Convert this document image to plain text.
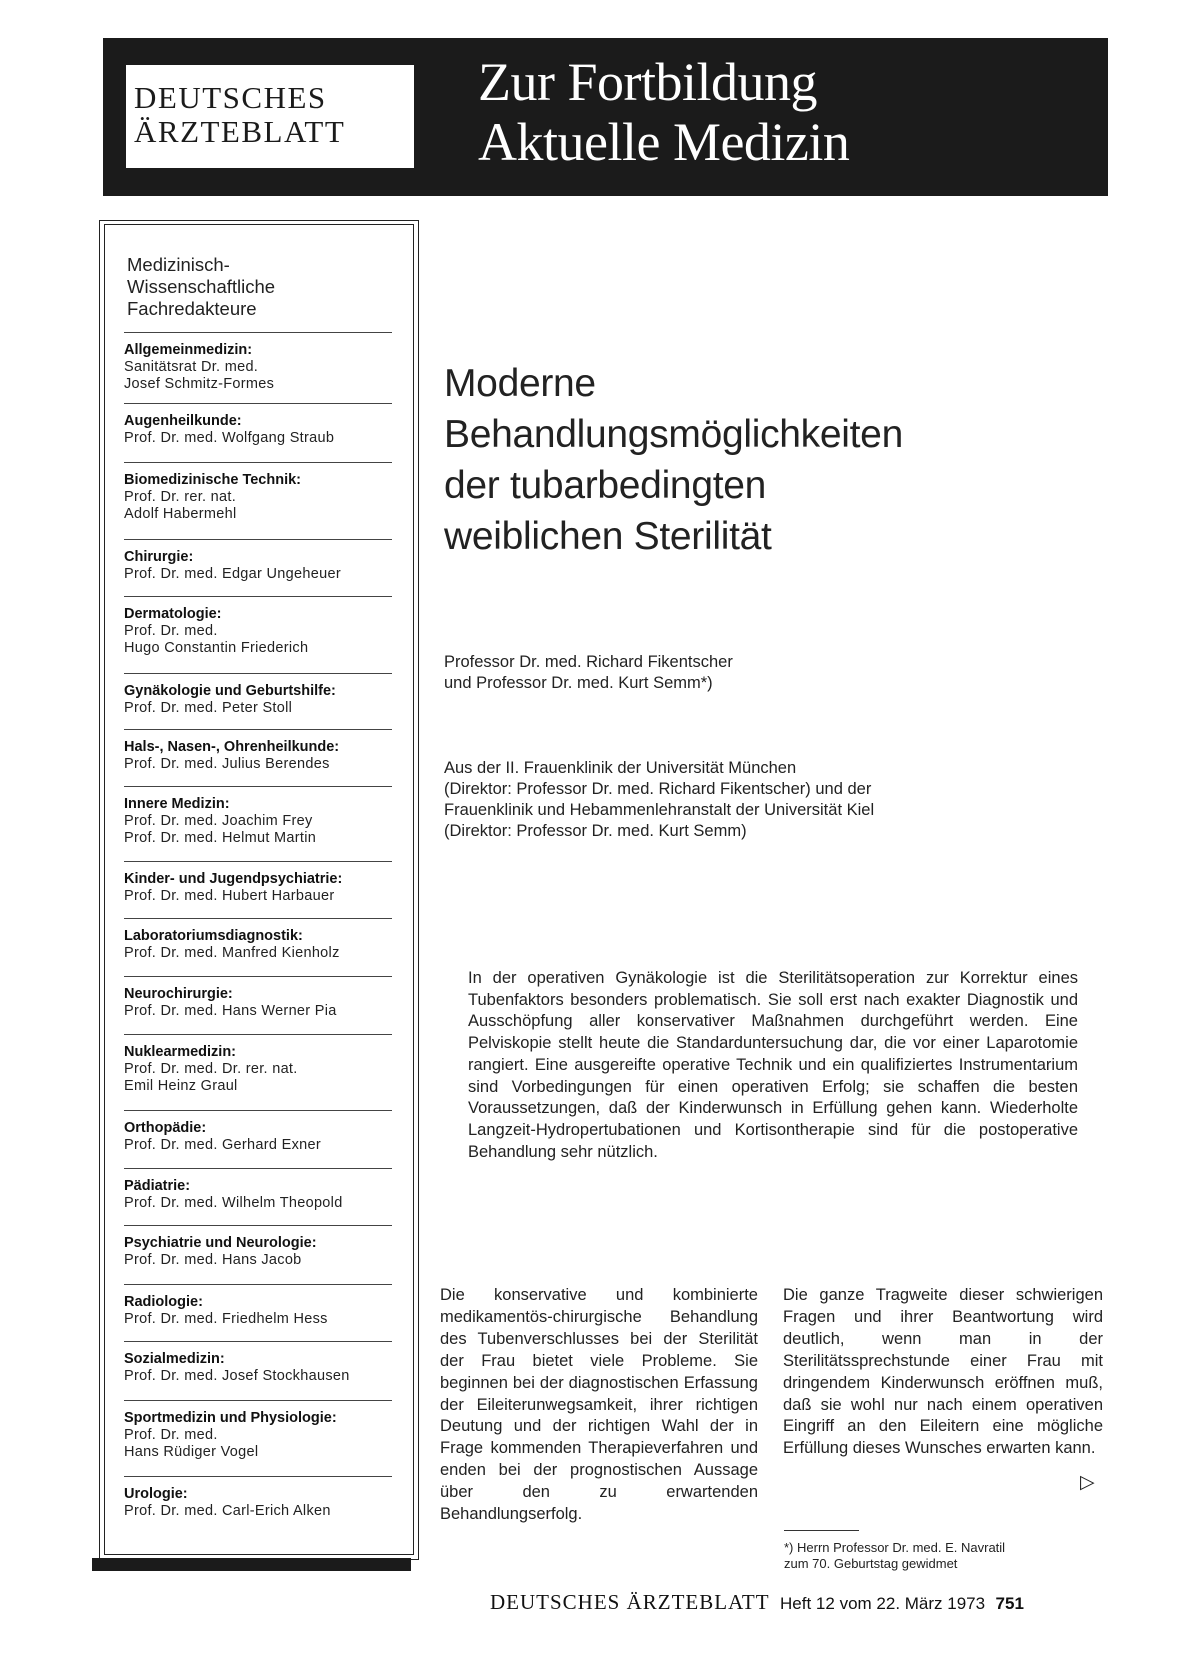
DEUTSCHES
ÄRZTEBLATT
Zur Fortbildung
Aktuelle Medizin
Medizinisch-
Wissenschaftliche
Fachredakteure
Allgemeinmedizin:
Sanitätsrat Dr. med.
Josef Schmitz-Formes
Augenheilkunde:
Prof. Dr. med. Wolfgang Straub
Biomedizinische Technik:
Prof. Dr. rer. nat.
Adolf Habermehl
Chirurgie:
Prof. Dr. med. Edgar Ungeheuer
Dermatologie:
Prof. Dr. med.
Hugo Constantin Friederich
Gynäkologie und Geburtshilfe:
Prof. Dr. med. Peter Stoll
Hals-, Nasen-, Ohrenheilkunde:
Prof. Dr. med. Julius Berendes
Innere Medizin:
Prof. Dr. med. Joachim Frey
Prof. Dr. med. Helmut Martin
Kinder- und Jugendpsychiatrie:
Prof. Dr. med. Hubert Harbauer
Laboratoriumsdiagnostik:
Prof. Dr. med. Manfred Kienholz
Neurochirurgie:
Prof. Dr. med. Hans Werner Pia
Nuklearmedizin:
Prof. Dr. med. Dr. rer. nat.
Emil Heinz Graul
Orthopädie:
Prof. Dr. med. Gerhard Exner
Pädiatrie:
Prof. Dr. med. Wilhelm Theopold
Psychiatrie und Neurologie:
Prof. Dr. med. Hans Jacob
Radiologie:
Prof. Dr. med. Friedhelm Hess
Sozialmedizin:
Prof. Dr. med. Josef Stockhausen
Sportmedizin und Physiologie:
Prof. Dr. med.
Hans Rüdiger Vogel
Urologie:
Prof. Dr. med. Carl-Erich Alken
Moderne
Behandlungsmöglichkeiten
der tubarbedingten
weiblichen Sterilität
Professor Dr. med. Richard Fikentscher
und Professor Dr. med. Kurt Semm*)
Aus der II. Frauenklinik der Universität München
(Direktor: Professor Dr. med. Richard Fikentscher) und der
Frauenklinik und Hebammenlehranstalt der Universität Kiel
(Direktor: Professor Dr. med. Kurt Semm)
In der operativen Gynäkologie ist die Sterilitätsoperation zur Korrektur eines Tubenfaktors besonders problematisch. Sie soll erst nach exakter Diagnostik und Ausschöpfung aller konservativer Maßnahmen durchgeführt werden. Eine Pelviskopie stellt heute die Standarduntersuchung dar, die vor einer Laparotomie rangiert. Eine ausgereifte operative Technik und ein qualifiziertes Instrumentarium sind Vorbedingungen für einen operativen Erfolg; sie schaffen die besten Voraussetzungen, daß der Kinderwunsch in Erfüllung gehen kann. Wiederholte Langzeit-Hydropertubationen und Kortisontherapie sind für die postoperative Behandlung sehr nützlich.
Die konservative und kombinierte medikamentös-chirurgische Behandlung des Tubenverschlusses bei der Sterilität der Frau bietet viele Probleme. Sie beginnen bei der diagnostischen Erfassung der Eileiterunwegsamkeit, ihrer richtigen Deutung und der richtigen Wahl der in Frage kommenden Therapieverfahren und enden bei der prognostischen Aussage über den zu erwartenden Behandlungserfolg.
Die ganze Tragweite dieser schwierigen Fragen und ihrer Beantwortung wird deutlich, wenn man in der Sterilitätssprechstunde einer Frau mit dringendem Kinderwunsch eröffnen muß, daß sie wohl nur nach einem operativen Eingriff an den Eileitern eine mögliche Erfüllung dieses Wunsches erwarten kann.
▷
*) Herrn Professor Dr. med. E. Navratil
zum 70. Geburtstag gewidmet
DEUTSCHES ÄRZTEBLATT Heft 12 vom 22. März 1973 751
